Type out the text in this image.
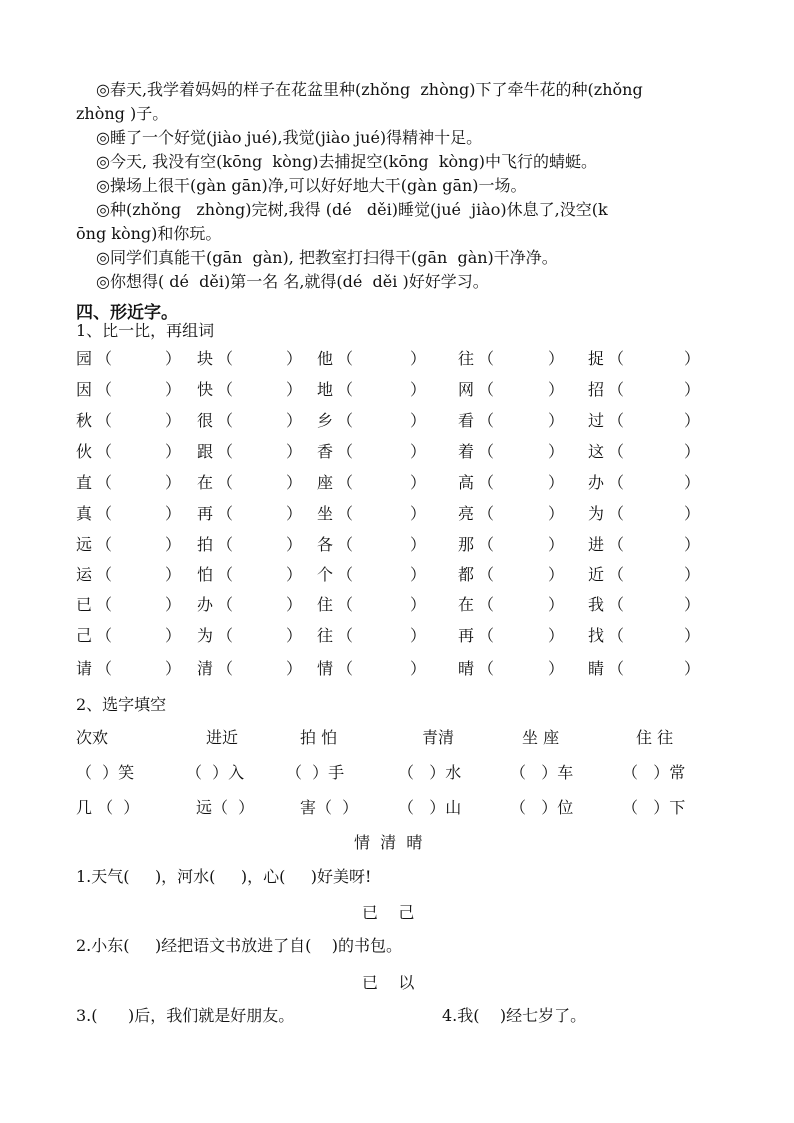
◎春天,我学着妈妈的样子在花盆里种(zhǒng  zhòng)下了牵牛花的种(zhǒng
zhòng )子。
◎睡了一个好觉(jiào jué),我觉(jiào jué)得精神十足。
◎今天, 我没有空(kōng  kòng)去捕捉空(kōng  kòng)中飞行的蜻蜓。
◎操场上很干(gàn gān)净,可以好好地大干(gàn gān)一场。
◎种(zhǒng   zhòng)完树,我得 (dé   děi)睡觉(jué  jiào)休息了,没空(k
ōng kòng)和你玩。
◎同学们真能干(gān  gàn), 把教室打扫得干(gān  gàn)干净净。
◎你想得( dé  děi)第一名 名,就得(dé  děi )好好学习。
四、形近字。
1、比一比，再组词
园 （	） 块 （	） 他 （	） 往 （	） 捉 （	）
因 （	） 快 （	） 地 （	） 网 （	） 招 （	）
秋 （	） 很 （	） 乡 （	） 看 （	） 过 （	）
伙 （	） 跟 （	） 香 （	） 着 （	） 这 （	）
直 （	） 在 （	） 座 （	） 高 （	） 办 （	）
真 （	） 再 （	） 坐 （	） 亮 （	） 为 （	）
远 （	） 拍 （	） 各 （	） 那 （	） 进 （	）
运 （	） 怕 （	） 个 （	） 都 （	） 近 （	）
已 （	） 办 （	） 住 （	） 在 （	） 我 （	）
己 （	） 为 （	） 往 （	） 再 （	） 找 （	）
请 （	） 清 （	） 情 （	） 晴 （	） 睛 （	）
2、选字填空
次欢	进近	拍 怕	青清	坐 座	住 往
（  ）笑	（  ）入	（  ）手	（   ）水	（   ）车	（   ）常
几 （  ）	远（  ）	害（  ） （   ）山	（   ）位	（   ）下
情  清  晴
1.天气(     )，河水(     )，心(     )好美呀!
已    己
2.小东(     )经把语文书放进了自(    )的书包。
已    以
3.(      )后，我们就是好朋友。	4.我(    )经七岁了。
